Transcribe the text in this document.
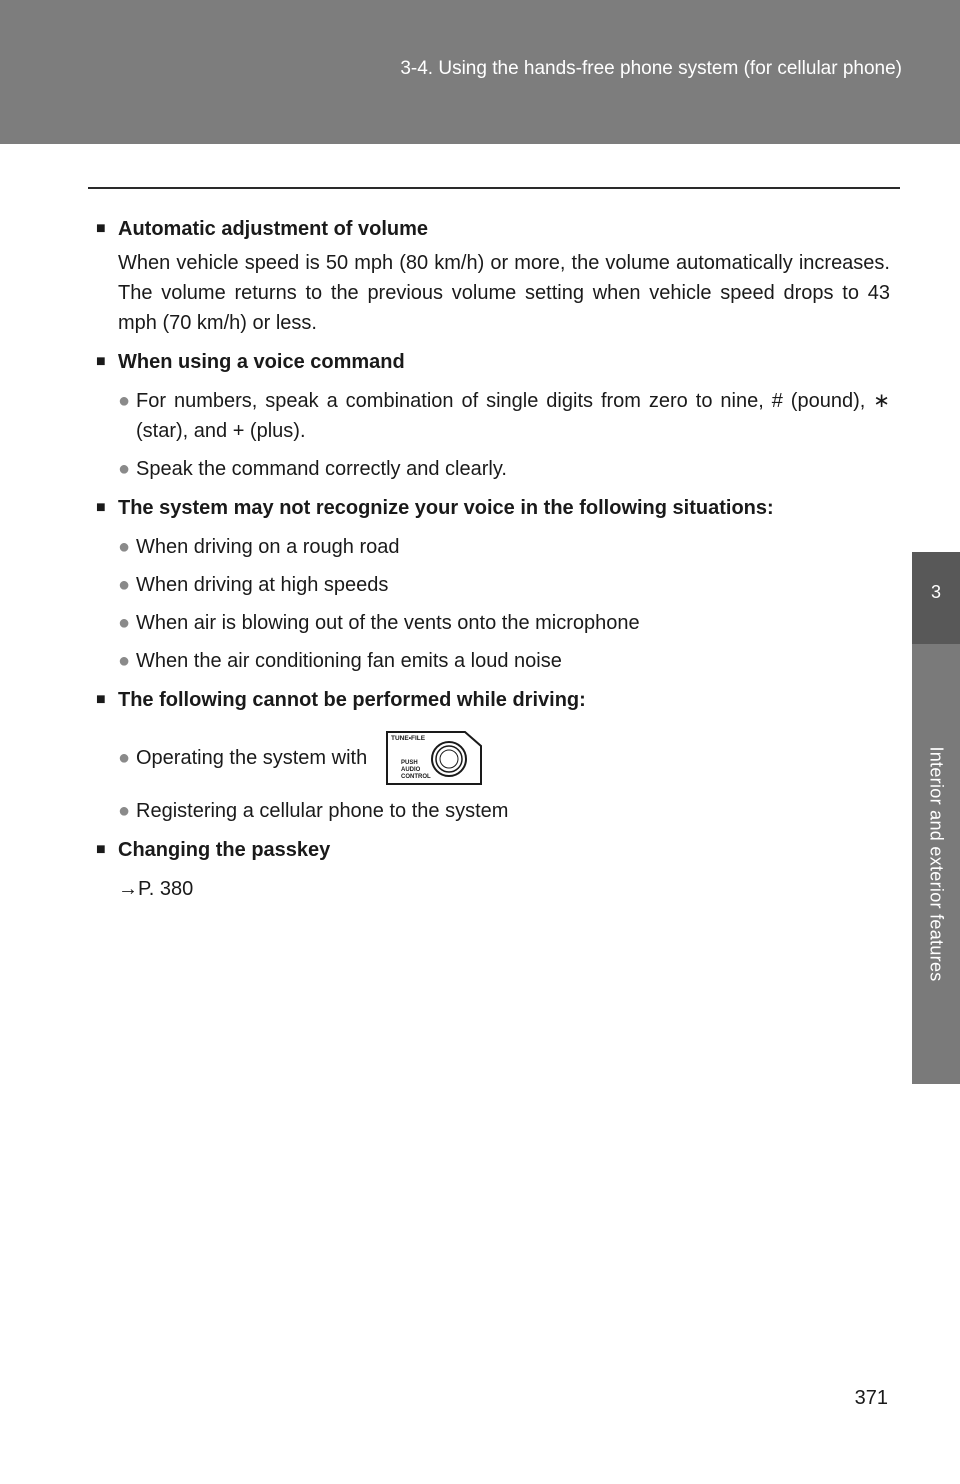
3-4. Using the hands-free phone system (for cellular phone)
3
Interior and exterior features
■ Automatic adjustment of volume
When vehicle speed is 50 mph (80 km/h) or more, the volume automatically increases. The volume returns to the previous volume setting when vehicle speed drops to 43 mph (70 km/h) or less.
■ When using a voice command
● For numbers, speak a combination of single digits from zero to nine, # (pound), ∗ (star), and + (plus).
● Speak the command correctly and clearly.
■ The system may not recognize your voice in the following situations:
● When driving on a rough road
● When driving at high speeds
● When air is blowing out of the vents onto the microphone
● When the air conditioning fan emits a loud noise
■ The following cannot be performed while driving:
● Operating the system with
TUNE•FILE
PUSH
AUDIO
CONTROL
● Registering a cellular phone to the system
■ Changing the passkey
→P. 380
371
